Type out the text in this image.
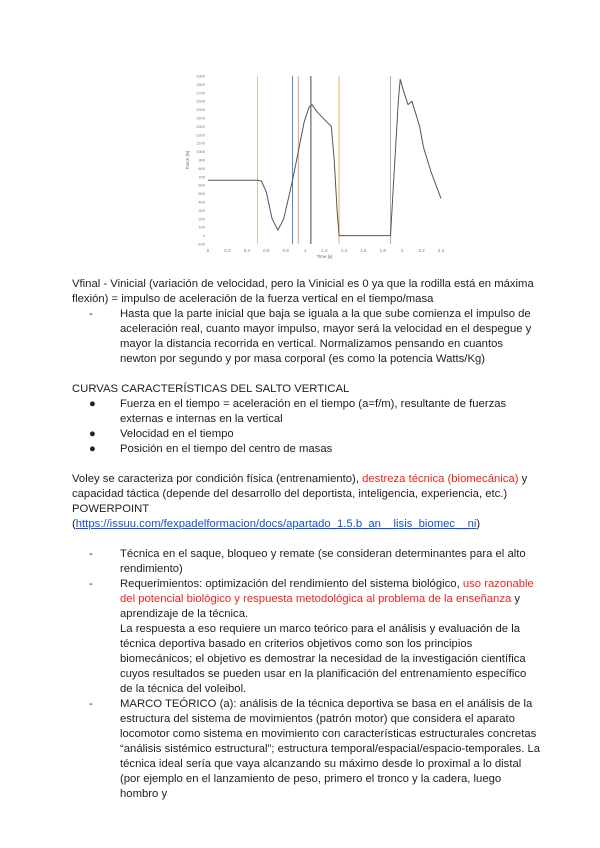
-100
0
100
200
300
400
500
600
700
800
900
1000
1100
1200
1300
1400
1500
1600
1700
1800
1900
0	0.2	0.4	0.6	0.8	1	1.2	1.4	1.6	1.8	2	2.2	2.4
Time [s]
Force [N]

Vfinal - Vinicial (variación de velocidad, pero la Vinicial es 0 ya que la rodilla está en máxima flexión) = impulso de aceleración de la fuerza vertical en el tiempo/masa

- Hasta que la parte inicial que baja se iguala a la que sube comienza el impulso de aceleración real, cuanto mayor impulso, mayor será la velocidad en el despegue y mayor la distancia recorrida en vertical. Normalizamos pensando en cuantos newton por segundo y por masa corporal (es como la potencia Watts/Kg)

CURVAS CARACTERÍSTICAS DEL SALTO VERTICAL

● Fuerza en el tiempo = aceleración en el tiempo (a=f/m), resultante de fuerzas externas e internas en la vertical
● Velocidad en el tiempo
● Posición en el tiempo del centro de masas

Voley se caracteriza por condición física (entrenamiento), destreza técnica (biomecánica) y capacidad táctica (depende del desarrollo del deportista, inteligencia, experiencia, etc.)

POWERPOINT

(https://issuu.com/fexpadelformacion/docs/apartado_1.5.b_an__lisis_biomec__ni)

- Técnica en el saque, bloqueo y remate (se consideran determinantes para el alto rendimiento)
- Requerimientos: optimización del rendimiento del sistema biológico, uso razonable del potencial biológico y respuesta metodológica al problema de la enseñanza y aprendizaje de la técnica.
La respuesta a eso requiere un marco teórico para el análisis y evaluación de la técnica deportiva basado en criterios objetivos como son los principios biomecánicos; el objetivo es demostrar la necesidad de la investigación científica cuyos resultados se pueden usar en la planificación del entrenamiento específico de la técnica del voleibol.
- MARCO TEÓRICO (a): análisis de la técnica deportiva se basa en el análisis de la estructura del sistema de movimientos (patrón motor) que considera el aparato locomotor como sistema en movimiento con características estructurales concretas “análisis sistémico estructural”; estructura temporal/espacial/espacio-temporales. La técnica ideal sería que vaya alcanzando su máximo desde lo proximal a lo distal (por ejemplo en el lanzamiento de peso, primero el tronco y la cadera, luego hombro y
